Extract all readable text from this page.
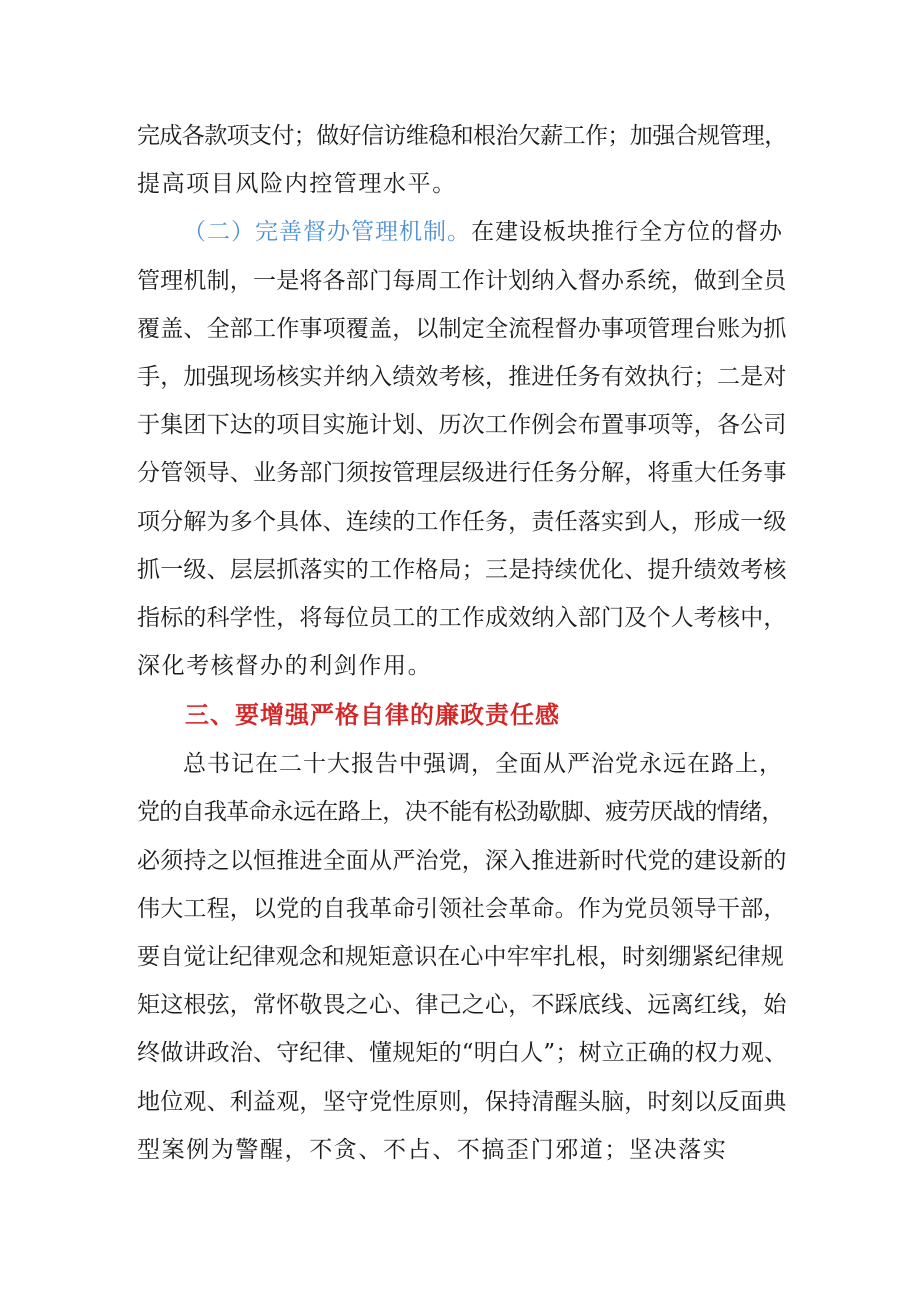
完成各款项支付；做好信访维稳和根治欠薪工作；加强合规管理，
提高项目风险内控管理水平。
（二）完善督办管理机制。在建设板块推行全方位的督办
管理机制，一是将各部门每周工作计划纳入督办系统，做到全员
覆盖、全部工作事项覆盖，以制定全流程督办事项管理台账为抓
手，加强现场核实并纳入绩效考核，推进任务有效执行；二是对
于集团下达的项目实施计划、历次工作例会布置事项等，各公司
分管领导、业务部门须按管理层级进行任务分解，将重大任务事
项分解为多个具体、连续的工作任务，责任落实到人，形成一级
抓一级、层层抓落实的工作格局；三是持续优化、提升绩效考核
指标的科学性，将每位员工的工作成效纳入部门及个人考核中，
深化考核督办的利剑作用。
三、要增强严格自律的廉政责任感
总书记在二十大报告中强调，全面从严治党永远在路上，
党的自我革命永远在路上，决不能有松劲歇脚、疲劳厌战的情绪，
必须持之以恒推进全面从严治党，深入推进新时代党的建设新的
伟大工程，以党的自我革命引领社会革命。作为党员领导干部，
要自觉让纪律观念和规矩意识在心中牢牢扎根，时刻绷紧纪律规
矩这根弦，常怀敬畏之心、律己之心，不踩底线、远离红线，始
终做讲政治、守纪律、懂规矩的“明白人”；树立正确的权力观、
地位观、利益观，坚守党性原则，保持清醒头脑，时刻以反面典
型案例为警醒，不贪、不占、不搞歪门邪道；坚决落实
